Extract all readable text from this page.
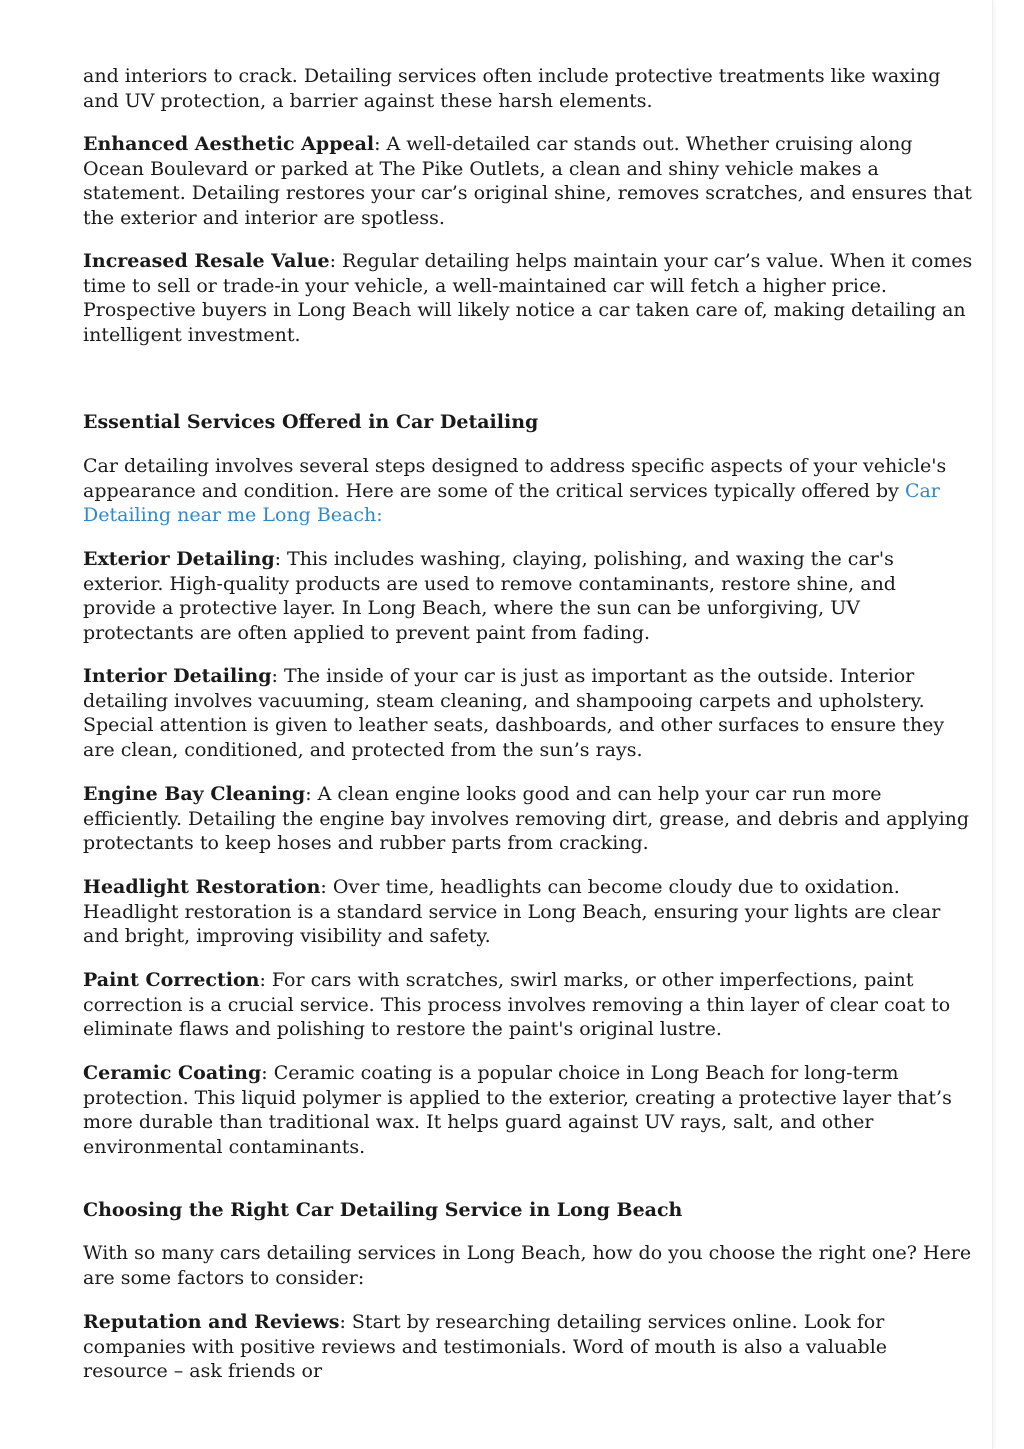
and interiors to crack. Detailing services often include protective treatments like waxing and UV protection, a barrier against these harsh elements.

Enhanced Aesthetic Appeal: A well-detailed car stands out. Whether cruising along Ocean Boulevard or parked at The Pike Outlets, a clean and shiny vehicle makes a statement. Detailing restores your car’s original shine, removes scratches, and ensures that the exterior and interior are spotless.

Increased Resale Value: Regular detailing helps maintain your car’s value. When it comes time to sell or trade-in your vehicle, a well-maintained car will fetch a higher price. Prospective buyers in Long Beach will likely notice a car taken care of, making detailing an intelligent investment.

Essential Services Offered in Car Detailing

Car detailing involves several steps designed to address specific aspects of your vehicle's appearance and condition. Here are some of the critical services typically offered by Car Detailing near me Long Beach:

Exterior Detailing: This includes washing, claying, polishing, and waxing the car's exterior. High-quality products are used to remove contaminants, restore shine, and provide a protective layer. In Long Beach, where the sun can be unforgiving, UV protectants are often applied to prevent paint from fading.

Interior Detailing: The inside of your car is just as important as the outside. Interior detailing involves vacuuming, steam cleaning, and shampooing carpets and upholstery. Special attention is given to leather seats, dashboards, and other surfaces to ensure they are clean, conditioned, and protected from the sun’s rays.

Engine Bay Cleaning: A clean engine looks good and can help your car run more efficiently. Detailing the engine bay involves removing dirt, grease, and debris and applying protectants to keep hoses and rubber parts from cracking.

Headlight Restoration: Over time, headlights can become cloudy due to oxidation. Headlight restoration is a standard service in Long Beach, ensuring your lights are clear and bright, improving visibility and safety.

Paint Correction: For cars with scratches, swirl marks, or other imperfections, paint correction is a crucial service. This process involves removing a thin layer of clear coat to eliminate flaws and polishing to restore the paint's original lustre.

Ceramic Coating: Ceramic coating is a popular choice in Long Beach for long-term protection. This liquid polymer is applied to the exterior, creating a protective layer that’s more durable than traditional wax. It helps guard against UV rays, salt, and other environmental contaminants.

Choosing the Right Car Detailing Service in Long Beach

With so many cars detailing services in Long Beach, how do you choose the right one? Here are some factors to consider:

Reputation and Reviews: Start by researching detailing services online. Look for companies with positive reviews and testimonials. Word of mouth is also a valuable resource – ask friends or
